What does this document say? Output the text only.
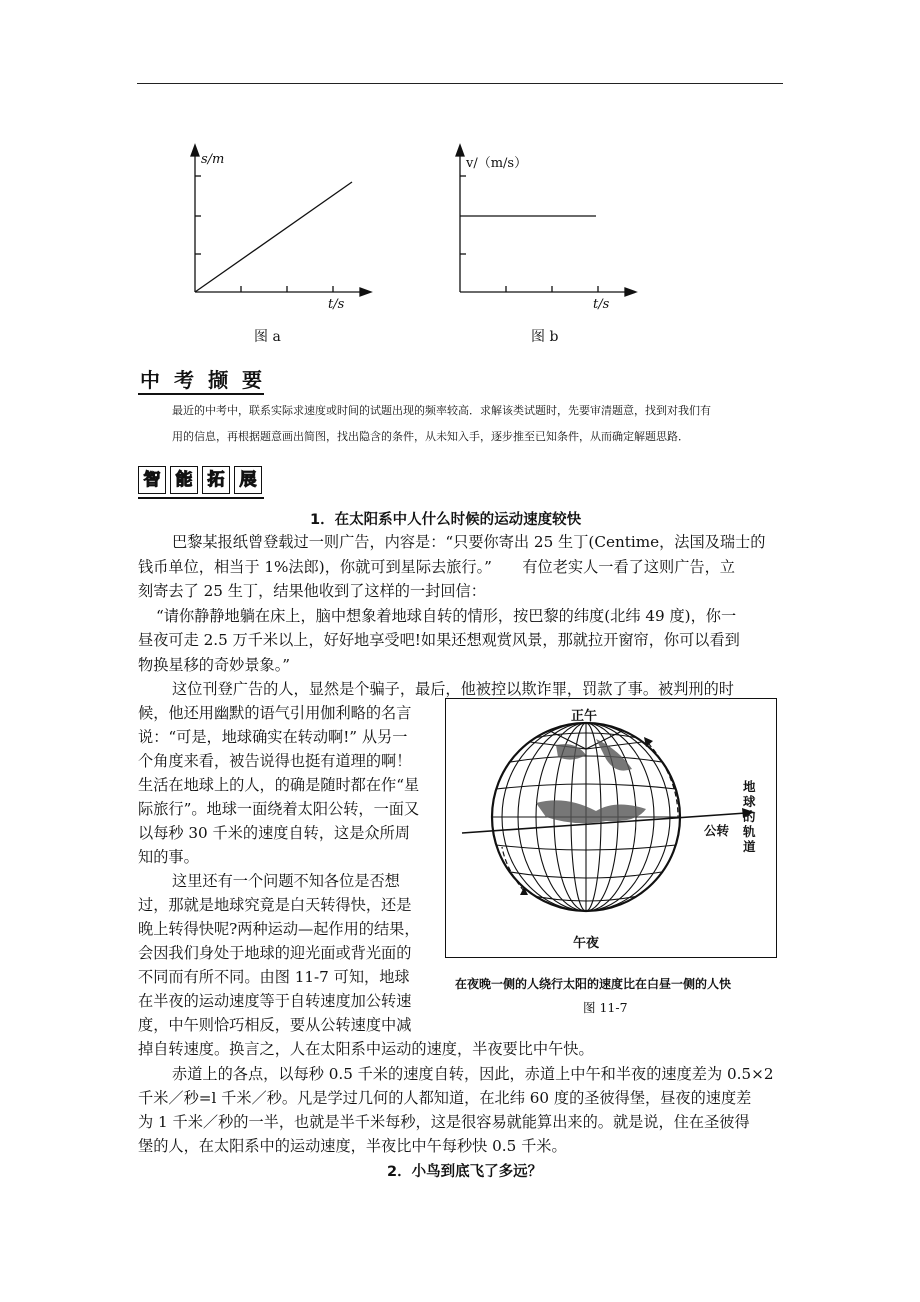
s/m
t/s
图 a
v/（m/s）
t/s
图 b
中考撷要
最近的中考中，联系实际求速度或时间的试题出现的频率较高．求解该类试题时，先要审清题意，找到对我们有
用的信息，再根据题意画出简图，找出隐含的条件，从未知入手，逐步推至已知条件，从而确定解题思路．
智 能 拓 展
1．在太阳系中人什么时候的运动速度较快
巴黎某报纸曾登载过一则广告，内容是：“只要你寄出 25 生丁(Centime，法国及瑞士的
钱币单位，相当于 1%法郎)，你就可到星际去旅行。”　　有位老实人一看了这则广告，立
刻寄去了 25 生丁，结果他收到了这样的一封回信：
“请你静静地躺在床上，脑中想象着地球自转的情形，按巴黎的纬度(北纬 49 度)，你一
昼夜可走 2.5 万千米以上，好好地享受吧!如果还想观赏风景，那就拉开窗帘，你可以看到
物换星移的奇妙景象。”
这位刊登广告的人，显然是个骗子，最后，他被控以欺诈罪，罚款了事。被判刑的时
候，他还用幽默的语气引用伽利略的名言
说：“可是，地球确实在转动啊!” 从另一
个角度来看，被告说得也挺有道理的啊！
生活在地球上的人，的确是随时都在作“星
际旅行”。地球一面绕着太阳公转，一面又
以每秒 30 千米的速度自转，这是众所周
知的事。
这里还有一个问题不知各位是否想
过，那就是地球究竟是白天转得快，还是
晚上转得快呢?两种运动—起作用的结果，
会因我们身处于地球的迎光面或背光面的
不同而有所不同。由图 11-7 可知，地球
在半夜的运动速度等于自转速度加公转速
度，中午则恰巧相反，要从公转速度中减
掉自转速度。换言之，人在太阳系中运动的速度，半夜要比中午快。
赤道上的各点，以每秒 0.5 千米的速度自转，因此，赤道上中午和半夜的速度差为 0.5×2
千米／秒=l 千米／秒。凡是学过几何的人都知道，在北纬 60 度的圣彼得堡，昼夜的速度差
为 1 千米／秒的一半，也就是半千米每秒，这是很容易就能算出来的。就是说，住在圣彼得
堡的人，在太阳系中的运动速度，半夜比中午每秒快 0.5 千米。
正午
午夜
地球的轨道
公转
在夜晚一侧的人绕行太阳的速度比在白昼一侧的人快
图 11-7
2．小鸟到底飞了多远？
